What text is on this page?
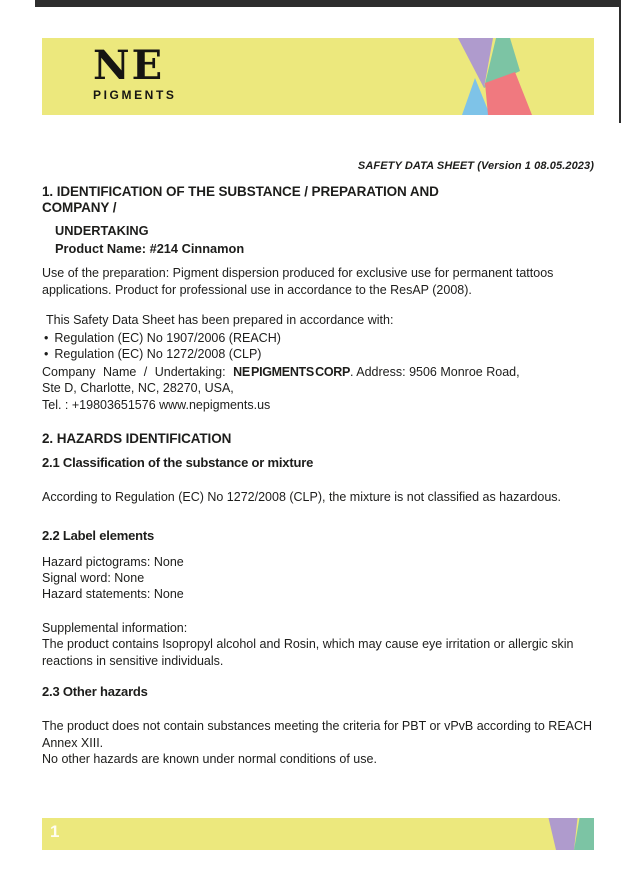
NE
PIGMENTS
SAFETY DATA SHEET (Version 1 08.05.2023)
1. IDENTIFICATION OF THE SUBSTANCE / PREPARATION AND
COMPANY /
UNDERTAKING
Product Name: #214 Cinnamon

Use of the preparation: Pigment dispersion produced for exclusive use for permanent tattoos applications. Product for professional use in accordance to the ResAP (2008).

This Safety Data Sheet has been prepared in accordance with:
• Regulation (EC) No 1907/2006 (REACH)
• Regulation (EC) No 1272/2008 (CLP)
Company Name / Undertaking: NE PIGMENTS CORP. Address: 9506 Monroe Road,
Ste D, Charlotte, NC, 28270, USA,
Tel. : +19803651576 www.nepigments.us
2. HAZARDS IDENTIFICATION
2.1 Classification of the substance or mixture

According to Regulation (EC) No 1272/2008 (CLP), the mixture is not classified as hazardous.

2.2 Label elements
Hazard pictograms: None
Signal word: None
Hazard statements: None
Supplemental information:

The product contains Isopropyl alcohol and Rosin, which may cause eye irritation or allergic skin reactions in sensitive individuals.

2.3 Other hazards

The product does not contain substances meeting the criteria for PBT or vPvB according to REACH Annex XIII.

No other hazards are known under normal conditions of use.

1
